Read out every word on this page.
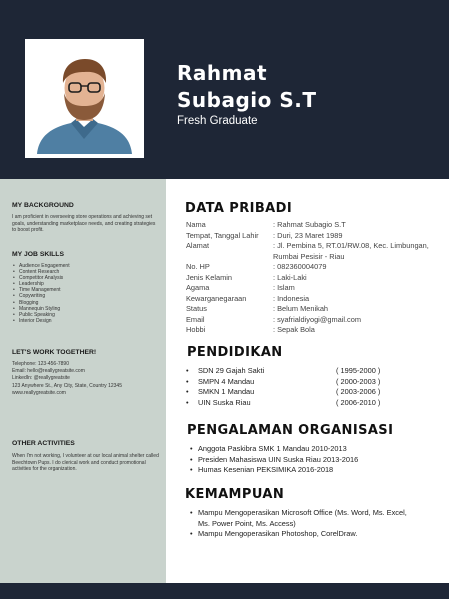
Rahmat
Subagio S.T
Fresh Graduate
MY BACKGROUND
I am proficient in overseeing store operations and achieving set goals, understanding marketplace needs, and creating strategies to boost profit.
MY JOB SKILLS
• Audience Engagement
• Content Research
• Competitor Analysis
• Leadership
• Time Management
• Copywriting
• Blogging
• Mannequin Styling
• Public Speaking
• Interior Design
LET'S WORK TOGETHER!
Telephone: 123-456-7890
Email: hello@reallygreatsite.com
LinkedIn: @reallygreatsite
123 Anywhere St., Any City, State, Country 12345
www.reallygreatsite.com
OTHER ACTIVITIES
When I'm not working, I volunteer at our local animal shelter called Beechtown Pups. I do clerical work and conduct promotional activities for the organization.
DATA PRIBADI
Nama	: Rahmat Subagio S.T
Tempat, Tanggal Lahir : Duri, 23 Maret 1989
Alamat	: Jl. Pembina 5, RT.01/RW.08, Kec. Limbungan, Rumbai Pesisir - Riau
No. HP	: 082360004079
Jenis Kelamin	: Laki-Laki
Agama	: Islam
Kewarganegaraan	: Indonesia
Status	: Belum Menikah
Email	: syafrialdiyogi@gmail.com
Hobbi	: Sepak Bola
PENDIDIKAN
• SDN 29 Gajah Sakti	( 1995-2000 )
• SMPN 4 Mandau	( 2000-2003 )
• SMKN 1 Mandau	( 2003-2006 )
• UIN Suska Riau	( 2006-2010 )
PENGALAMAN ORGANISASI
• Anggota Paskibra SMK 1 Mandau 2010-2013
• Presiden Mahasiswa UIN Suska Riau 2013-2016
• Humas Kesenian PEKSIMIKA 2016-2018
KEMAMPUAN
• Mampu Mengoperasikan Microsoft Office (Ms. Word, Ms. Excel, Ms. Power Point, Ms. Access)
• Mampu Mengoperasikan Photoshop, CorelDraw.
